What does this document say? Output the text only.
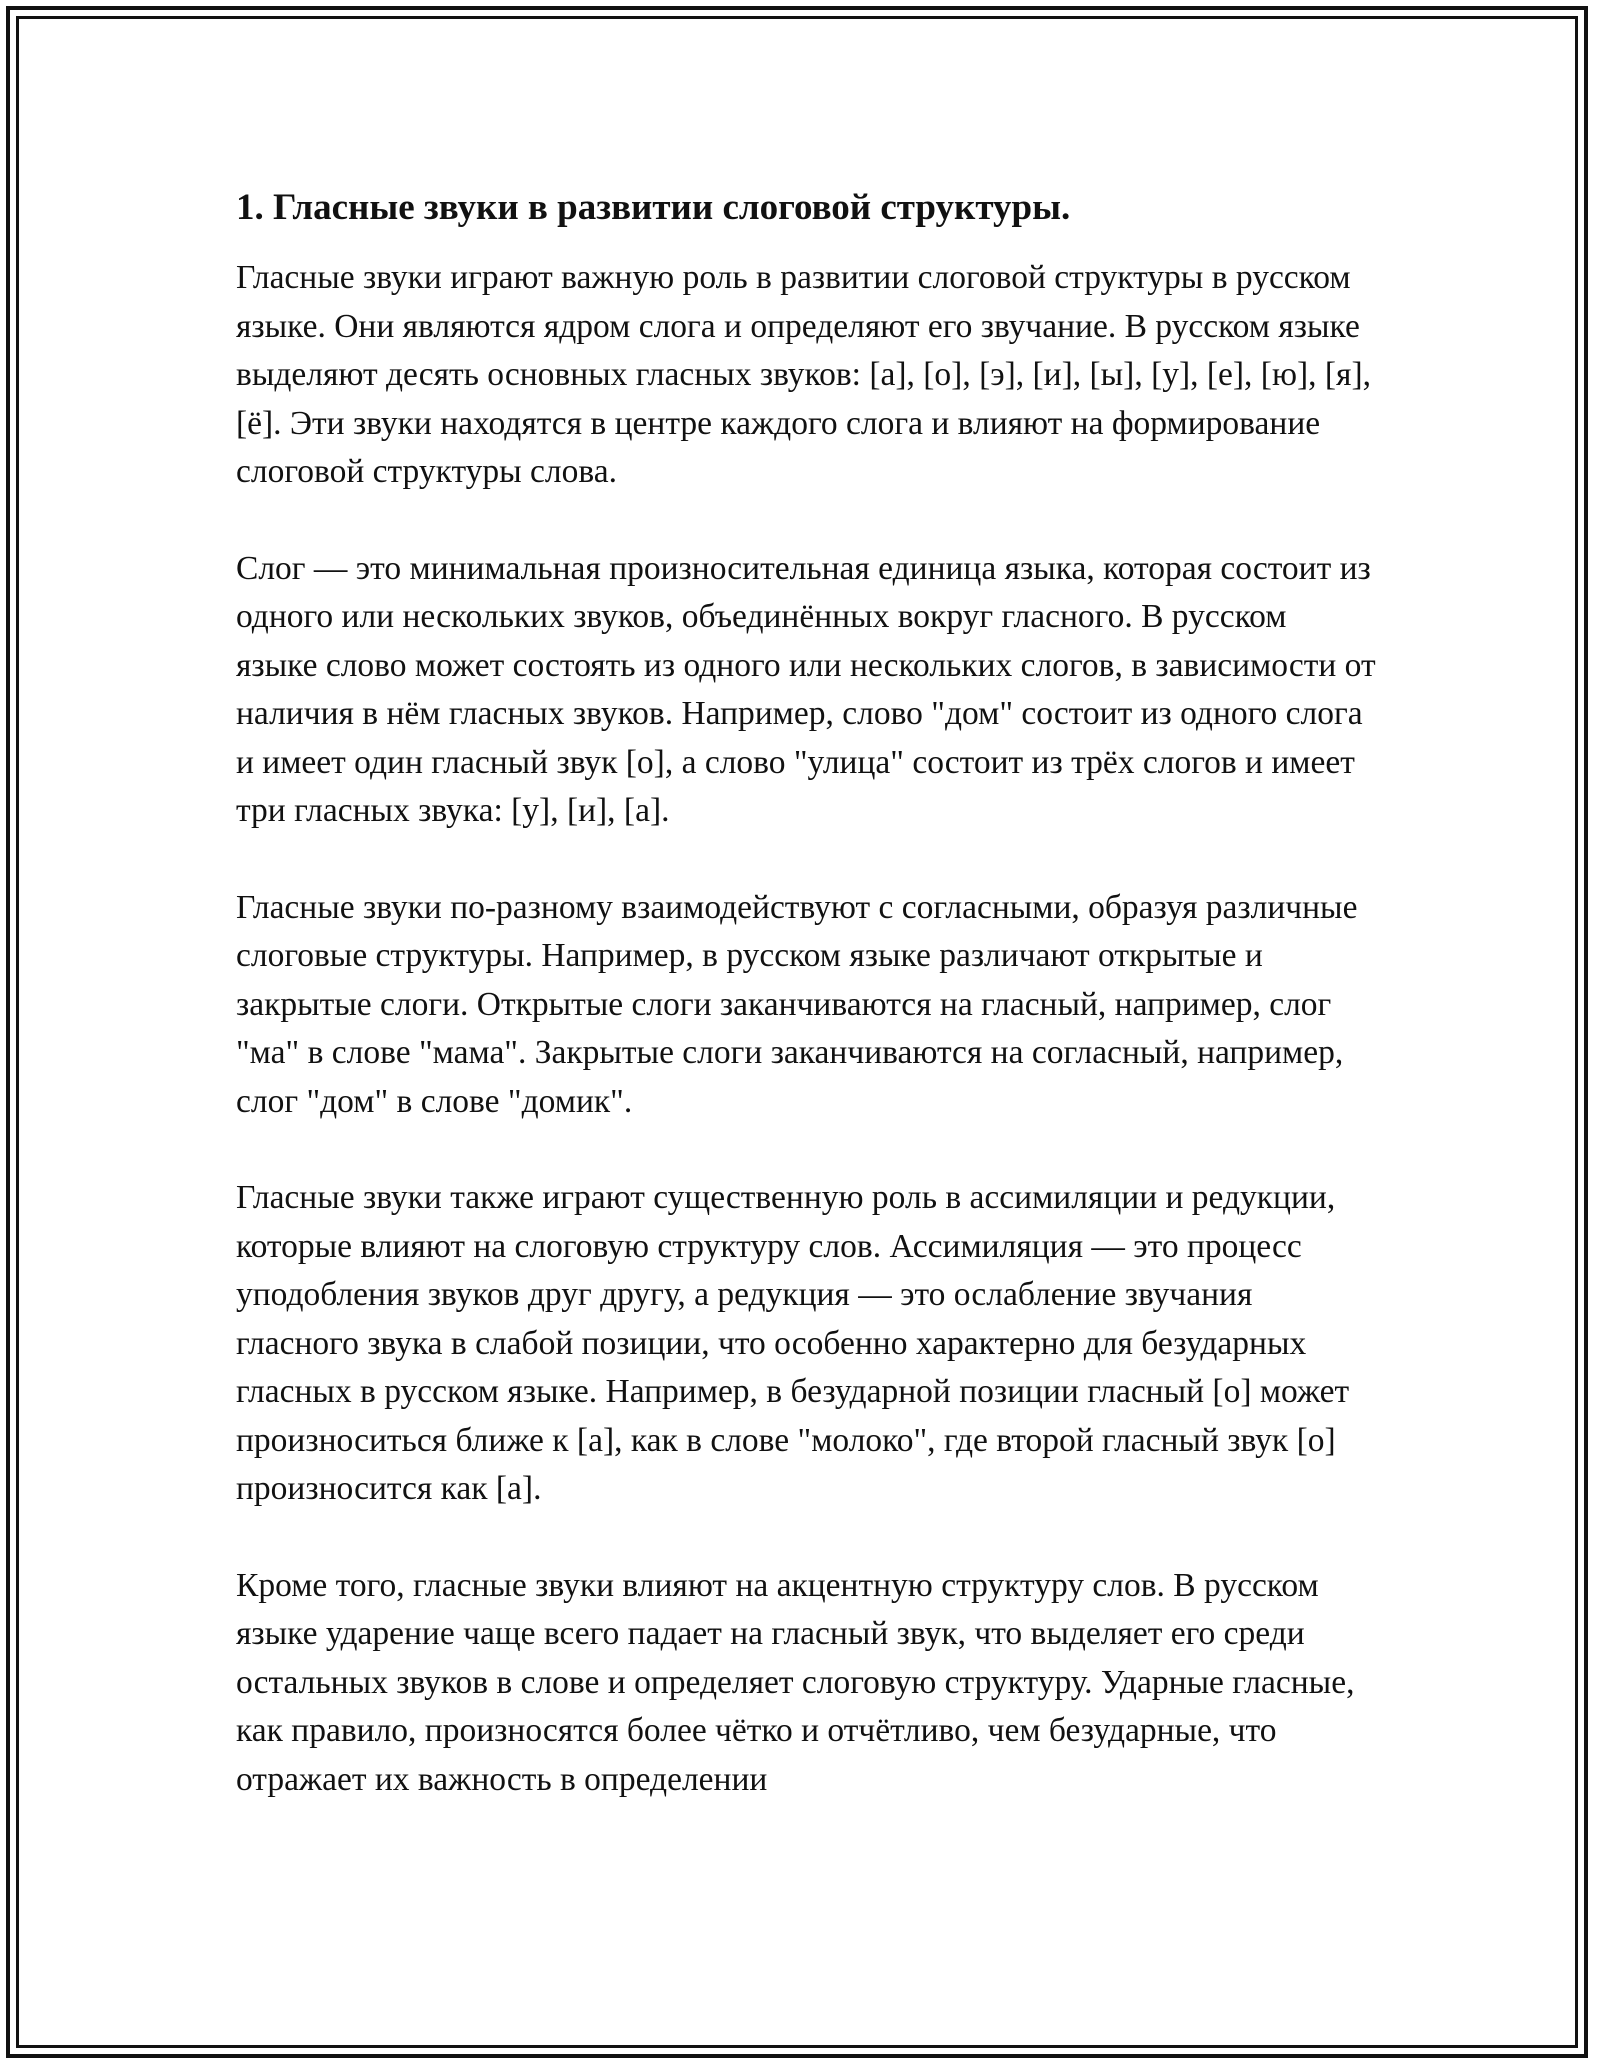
1. Гласные звуки в развитии слоговой структуры.

Гласные звуки играют важную роль в развитии слоговой структуры в русском языке. Они являются ядром слога и определяют его звучание. В русском языке выделяют десять основных гласных звуков: [а], [о], [э], [и], [ы], [у], [е], [ю], [я], [ё]. Эти звуки находятся в центре каждого слога и влияют на формирование слоговой структуры слова.

Слог — это минимальная произносительная единица языка, которая состоит из одного или нескольких звуков, объединённых вокруг гласного. В русском языке слово может состоять из одного или нескольких слогов, в зависимости от наличия в нём гласных звуков. Например, слово "дом" состоит из одного слога и имеет один гласный звук [о], а слово "улица" состоит из трёх слогов и имеет три гласных звука: [у], [и], [а].

Гласные звуки по-разному взаимодействуют с согласными, образуя различные слоговые структуры. Например, в русском языке различают открытые и закрытые слоги. Открытые слоги заканчиваются на гласный, например, слог "ма" в слове "мама". Закрытые слоги заканчиваются на согласный, например, слог "дом" в слове "домик".

Гласные звуки также играют существенную роль в ассимиляции и редукции, которые влияют на слоговую структуру слов. Ассимиляция — это процесс уподобления звуков друг другу, а редукция — это ослабление звучания гласного звука в слабой позиции, что особенно характерно для безударных гласных в русском языке. Например, в безударной позиции гласный [о] может произноситься ближе к [а], как в слове "молоко", где второй гласный звук [о] произносится как [а].

Кроме того, гласные звуки влияют на акцентную структуру слов. В русском языке ударение чаще всего падает на гласный звук, что выделяет его среди остальных звуков в слове и определяет слоговую структуру. Ударные гласные, как правило, произносятся более чётко и отчётливо, чем безударные, что отражает их важность в определении
